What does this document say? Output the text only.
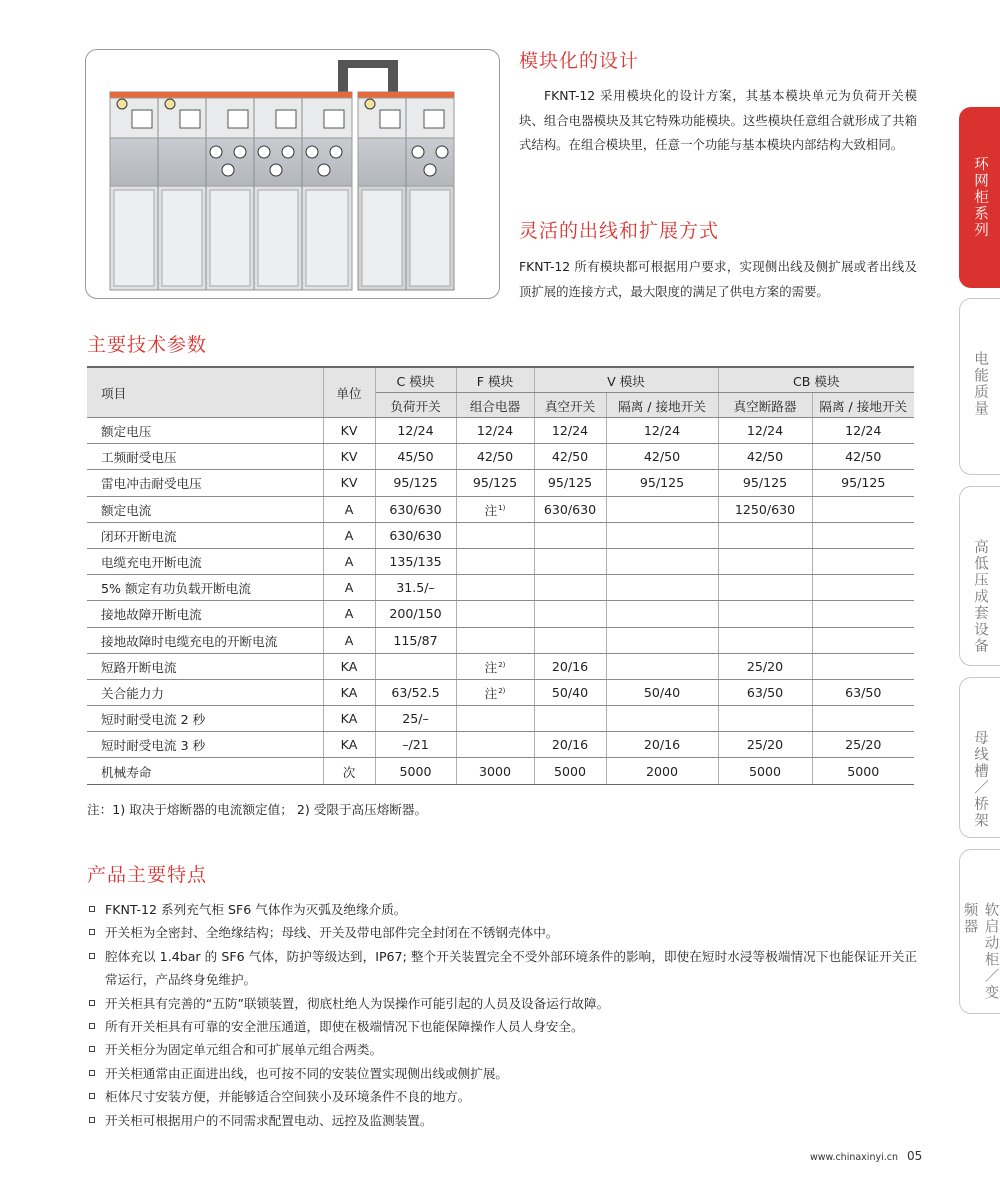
模块化的设计

FKNT-12 采用模块化的设计方案，其基本模块单元为负荷开关模块、组合电器模块及其它特殊功能模块。这些模块任意组合就形成了共箱式结构。在组合模块里，任意一个功能与基本模块内部结构大致相同。

灵活的出线和扩展方式

FKNT-12 所有模块都可根据用户要求，实现侧出线及侧扩展或者出线及顶扩展的连接方式，最大限度的满足了供电方案的需要。

环网柜系列
电能质量
高低压成套设备
母线槽／桥架
软启动柜／变频器
主要技术参数
项目	单位	C 模块	F 模块	V 模块		CB 模块	
		负荷开关	组合电器	真空开关	隔离 / 接地开关	真空断路器	隔离 / 接地开关
额定电压	KV	12/24	12/24	12/24	12/24	12/24	12/24
工频耐受电压	KV	45/50	42/50	42/50	42/50	42/50	42/50
雷电冲击耐受电压	KV	95/125	95/125	95/125	95/125	95/125	95/125
额定电流	A	630/630	注$^{1)}$	630/630		1250/630	
闭环开断电流	A	630/630					
电缆充电开断电流	A	135/135					
5% 额定有功负载开断电流	A	31.5/–					
接地故障开断电流	A	200/150					
接地故障时电缆充电的开断电流	A	115/87					
短路开断电流	KA		注$^{2)}$	20/16		25/20	
关合能力力	KA	63/52.5	注$^{2)}$	50/40	50/40	63/50	63/50
短时耐受电流 2 秒	KA	25/–					
短时耐受电流 3 秒	KA	–/21		20/16	20/16	25/20	25/20
机械寿命	次	5000	3000	5000	2000	5000	5000

注：1) 取决于熔断器的电流额定值； 2) 受限于高压熔断器。

产品主要特点
FKNT-12 系列充气柜 SF6 气体作为灭弧及绝缘介质。
开关柜为全密封、全绝缘结构；母线、开关及带电部件完全封闭在不锈钢壳体中。
腔体充以 1.4bar 的 SF6 气体，防护等级达到，IP67; 整个开关装置完全不受外部环境条件的影响，即使在短时水浸等极端情况下也能保证开关正常运行，产品终身免维护。
开关柜具有完善的“五防”联锁装置，彻底杜绝人为误操作可能引起的人员及设备运行故障。
所有开关柜具有可靠的安全泄压通道，即使在极端情况下也能保障操作人员人身安全。
开关柜分为固定单元组合和可扩展单元组合两类。
开关柜通常由正面进出线，也可按不同的安装位置实现侧出线或侧扩展。
柜体尺寸安装方便，并能够适合空间狭小及环境条件不良的地方。
开关柜可根据用户的不同需求配置电动、远控及监测装置。
www.chinaxinyi.cn 05
